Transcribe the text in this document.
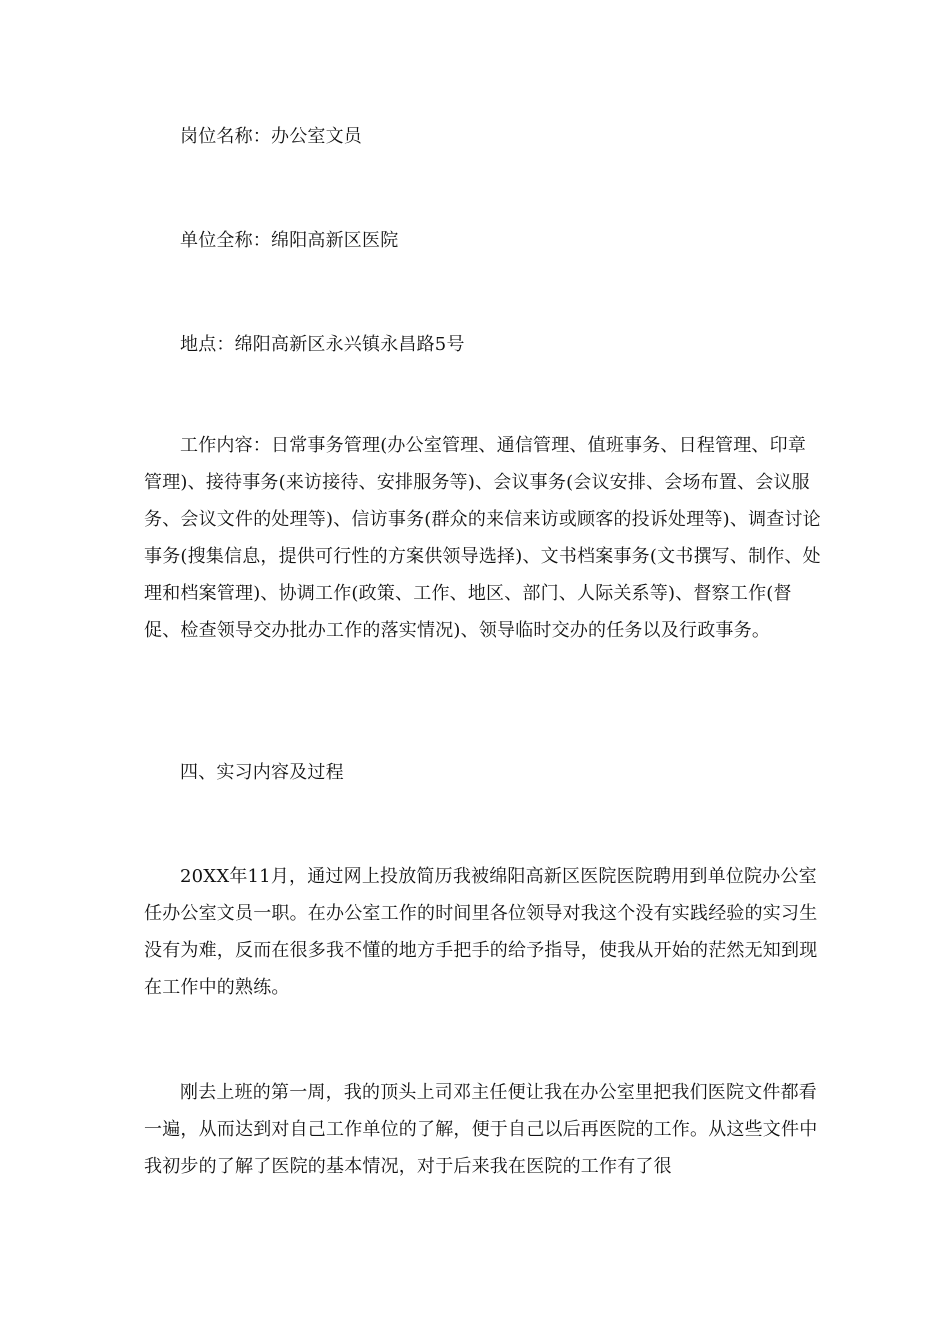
岗位名称：办公室文员

单位全称：绵阳高新区医院

地点：绵阳高新区永兴镇永昌路5号

工作内容：日常事务管理(办公室管理、通信管理、值班事务、日程管理、印章管理)、接待事务(来访接待、安排服务等)、会议事务(会议安排、会场布置、会议服务、会议文件的处理等)、信访事务(群众的来信来访或顾客的投诉处理等)、调查讨论事务(搜集信息，提供可行性的方案供领导选择)、文书档案事务(文书撰写、制作、处理和档案管理)、协调工作(政策、工作、地区、部门、人际关系等)、督察工作(督促、检查领导交办批办工作的落实情况)、领导临时交办的任务以及行政事务。

四、实习内容及过程

20XX年11月，通过网上投放简历我被绵阳高新区医院医院聘用到单位院办公室任办公室文员一职。在办公室工作的时间里各位领导对我这个没有实践经验的实习生没有为难，反而在很多我不懂的地方手把手的给予指导，使我从开始的茫然无知到现在工作中的熟练。

刚去上班的第一周，我的顶头上司邓主任便让我在办公室里把我们医院文件都看一遍，从而达到对自己工作单位的了解，便于自己以后再医院的工作。从这些文件中我初步的了解了医院的基本情况，对于后来我在医院的工作有了很
